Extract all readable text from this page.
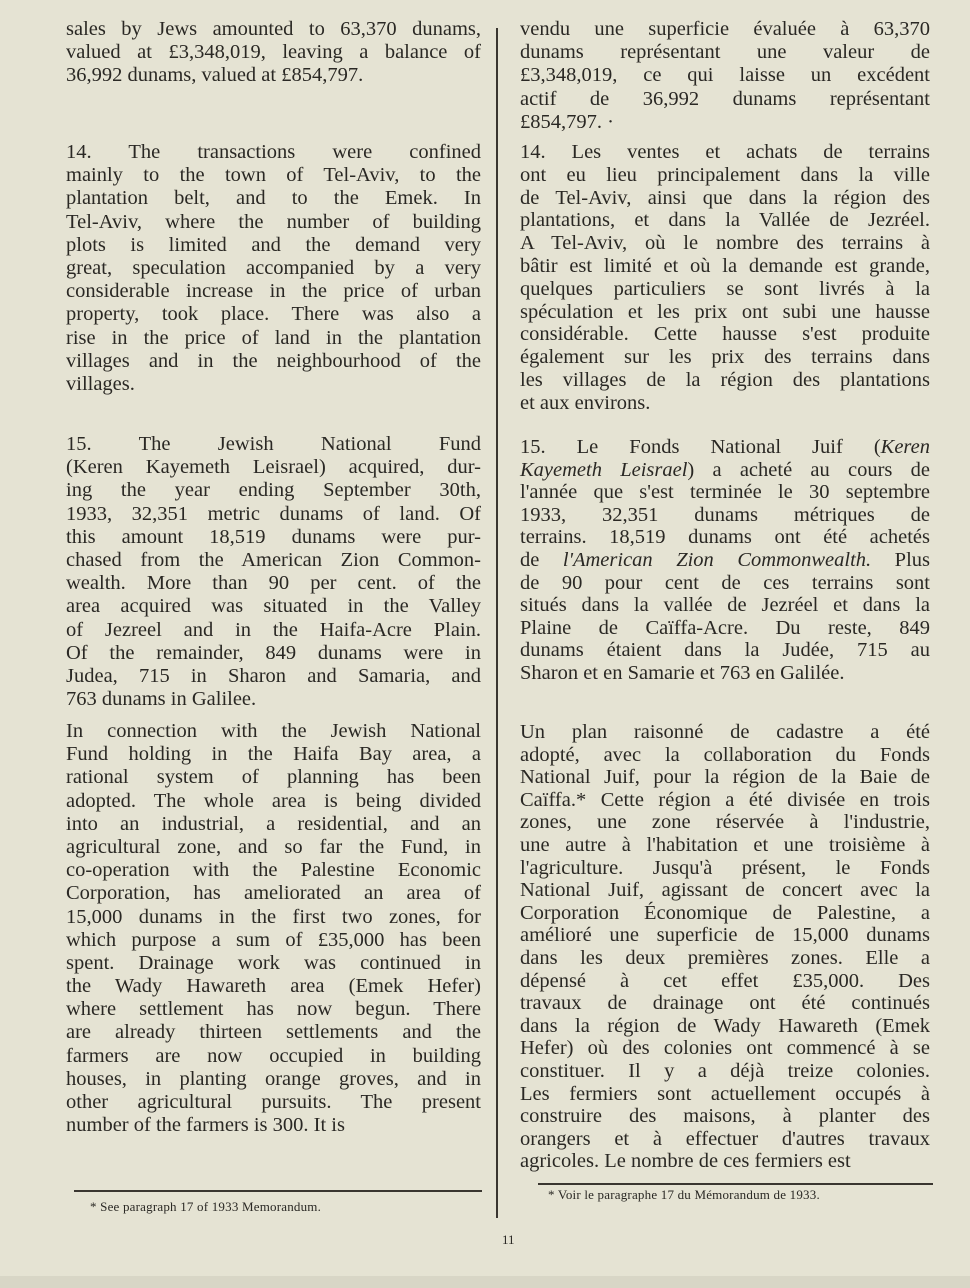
sales by Jews amounted to 63,370 dunams,
valued at £3,348,019, leaving a balance of
36,992 dunams, valued at £854,797.
14. The transactions were confined
mainly to the town of Tel-Aviv, to the
plantation belt, and to the Emek. In
Tel-Aviv, where the number of building
plots is limited and the demand very
great, speculation accompanied by a very
considerable increase in the price of urban
property, took place. There was also a
rise in the price of land in the plantation
villages and in the neighbourhood of the
villages.
15. The Jewish National Fund
(Keren Kayemeth Leisrael) acquired, dur-
ing the year ending September 30th,
1933, 32,351 metric dunams of land. Of
this amount 18,519 dunams were pur-
chased from the American Zion Common-
wealth. More than 90 per cent. of the
area acquired was situated in the Valley
of Jezreel and in the Haifa-Acre Plain.
Of the remainder, 849 dunams were in
Judea, 715 in Sharon and Samaria, and
763 dunams in Galilee.
In connection with the Jewish National
Fund holding in the Haifa Bay area, a
rational system of planning has been
adopted. The whole area is being divided
into an industrial, a residential, and an
agricultural zone, and so far the Fund, in
co-operation with the Palestine Economic
Corporation, has ameliorated an area of
15,000 dunams in the first two zones, for
which purpose a sum of £35,000 has been
spent. Drainage work was continued in
the Wady Hawareth area (Emek Hefer)
where settlement has now begun. There
are already thirteen settlements and the
farmers are now occupied in building
houses, in planting orange groves, and in
other agricultural pursuits. The present
number of the farmers is 300. It is
vendu une superficie évaluée à 63,370
dunams représentant une valeur de
£3,348,019, ce qui laisse un excédent
actif de 36,992 dunams représentant
£854,797. ·
14. Les ventes et achats de terrains
ont eu lieu principalement dans la ville
de Tel-Aviv, ainsi que dans la région des
plantations, et dans la Vallée de Jezréel.
A Tel-Aviv, où le nombre des terrains à
bâtir est limité et où la demande est grande,
quelques particuliers se sont livrés à la
spéculation et les prix ont subi une hausse
considérable. Cette hausse s'est produite
également sur les prix des terrains dans
les villages de la région des plantations
et aux environs.
15. Le Fonds National Juif (Keren
Kayemeth Leisrael) a acheté au cours de
l'année que s'est terminée le 30 septembre
1933, 32,351 dunams métriques de
terrains. 18,519 dunams ont été achetés
de l'American Zion Commonwealth. Plus
de 90 pour cent de ces terrains sont
situés dans la vallée de Jezréel et dans la
Plaine de Caïffa-Acre. Du reste, 849
dunams étaient dans la Judée, 715 au
Sharon et en Samarie et 763 en Galilée.
Un plan raisonné de cadastre a été
adopté, avec la collaboration du Fonds
National Juif, pour la région de la Baie de
Caïffa.* Cette région a été divisée en trois
zones, une zone réservée à l'industrie,
une autre à l'habitation et une troisième à
l'agriculture. Jusqu'à présent, le Fonds
National Juif, agissant de concert avec la
Corporation Économique de Palestine, a
amélioré une superficie de 15,000 dunams
dans les deux premières zones. Elle a
dépensé à cet effet £35,000. Des
travaux de drainage ont été continués
dans la région de Wady Hawareth (Emek
Hefer) où des colonies ont commencé à se
constituer. Il y a déjà treize colonies.
Les fermiers sont actuellement occupés à
construire des maisons, à planter des
orangers et à effectuer d'autres travaux
agricoles. Le nombre de ces fermiers est
* See paragraph 17 of 1933 Memorandum.
* Voir le paragraphe 17 du Mémorandum de 1933.
11
